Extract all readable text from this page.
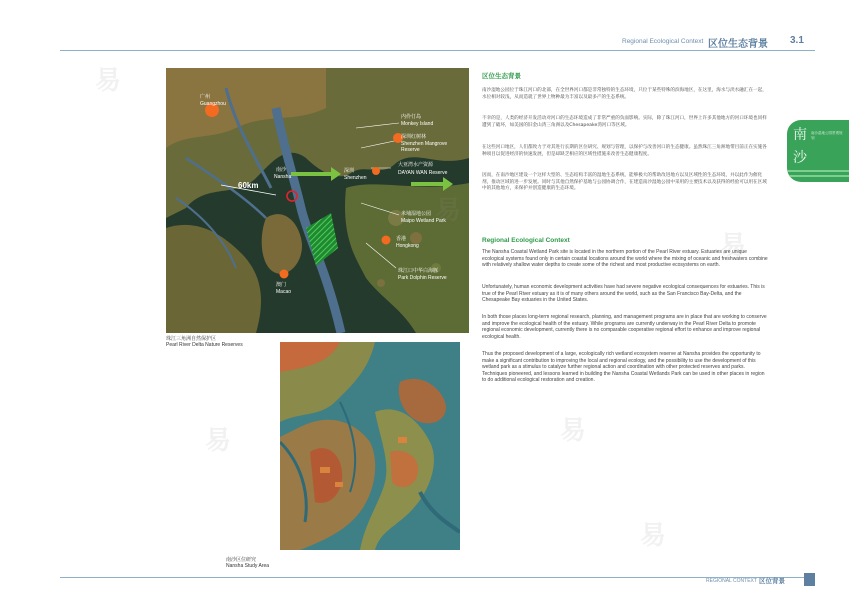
Regional Ecological Context 区位生态背景 3.1
南 南沙湿地公园景观规划
沙
广州
Guangzhou
内伶仃岛
Monkey Island
深圳红树林
Shenzhen Mangrove
Reserve
大亚湾水产资源
DAYAN WAN Reserve
南沙
Nansha
深圳
Shenzhen
60km
米埔湿地公园
Maipo Wetland Park
香港
Hongkong
珠江口中华白海豚
Park Dolphin Reserve
澳门
Macao
珠江三角洲自然保护区
Pearl River Delta Nature Reserves
南沙区位研究
Nansha Study Area
区位生态背景
南沙湿地公园位于珠江河口的北部，在全世界河口都是非常独特的生态环境，只位于某些特殊的滨海地区，在这里，海水与淡水融汇在一起，水位相对较浅，从而造就了世界上物种最为丰富以及最多产的生态系统。
不幸的是，人类的经济开发活动对河口的生态环境造成了非常严重的负面影响。实际，除了珠江河口，世界上许多其他地方的河口环境也同样遭到了破坏，如美国的旧金山湾三角洲以及Chesapeake湾河口等区域。
在这些河口地区，人们都致力于对其进行长期的区位研究、规划与管理，以保护与改善河口的生态健康。虽然珠江三角洲地带目前正在实施各种项目以促进经济的快速发展，但是却缺乏相应的区域性措施来改善生态健康程度。
因而，在南沙地区建设一个这样大型的、生态结构丰富的湿地生态系统，能够极大的帮助改进地方以及区域性的生态环境，并以此作为催化剂，推动区域的进一步发展。同时与其他自然保护基地与公园协调合作，在建造南沙湿地公园中采用的主要技术以及获得的经验可以用在区域中的其他地方，来保护并创造健康的生态环境。
Regional Ecological Context
The Nansha Coastal Wetland Park site is located in the northern portion of the Pearl River estuary. Estuaries are unique ecological systems found only in certain coastal locations around the world where the mixing of oceanic and freshwaters combine with relatively shallow water depths to create some of the richest and most productive ecosystems on earth.
Unfortunately, human economic development activities have had severe negative ecological consequences for estuaries. This is true of the Pearl River estuary as it is of many others around the world, such as the San Francisco Bay-Delta, and the Chesapeake Bay estuaries in the United States.
In both those places long-term regional research, planning, and management programs are in place that are working to conserve and improve the ecological health of the estuary. While programs are currently underway in the Pearl River Delta to promote regional economic development, currently there is no comparable cooperative regional effort to enhance and improve regional ecological health.
Thus the proposed development of a large, ecologically rich wetland ecosystem reserve at Nansha provides the opportunity to make a significant contribution to improving the local and regional ecology, and the possibility to use the development of this wetland park as a stimulus to catalyze further regional action and coordination with other protected reserves and parks. Techniques pioneered, and lessons learned in building the Nansha Coastal Wetlands Park can be used in other places in region to do additional ecological restoration and creation.
易
易
易
易
易
易
REGIONAL CONTEXT 区位背景
